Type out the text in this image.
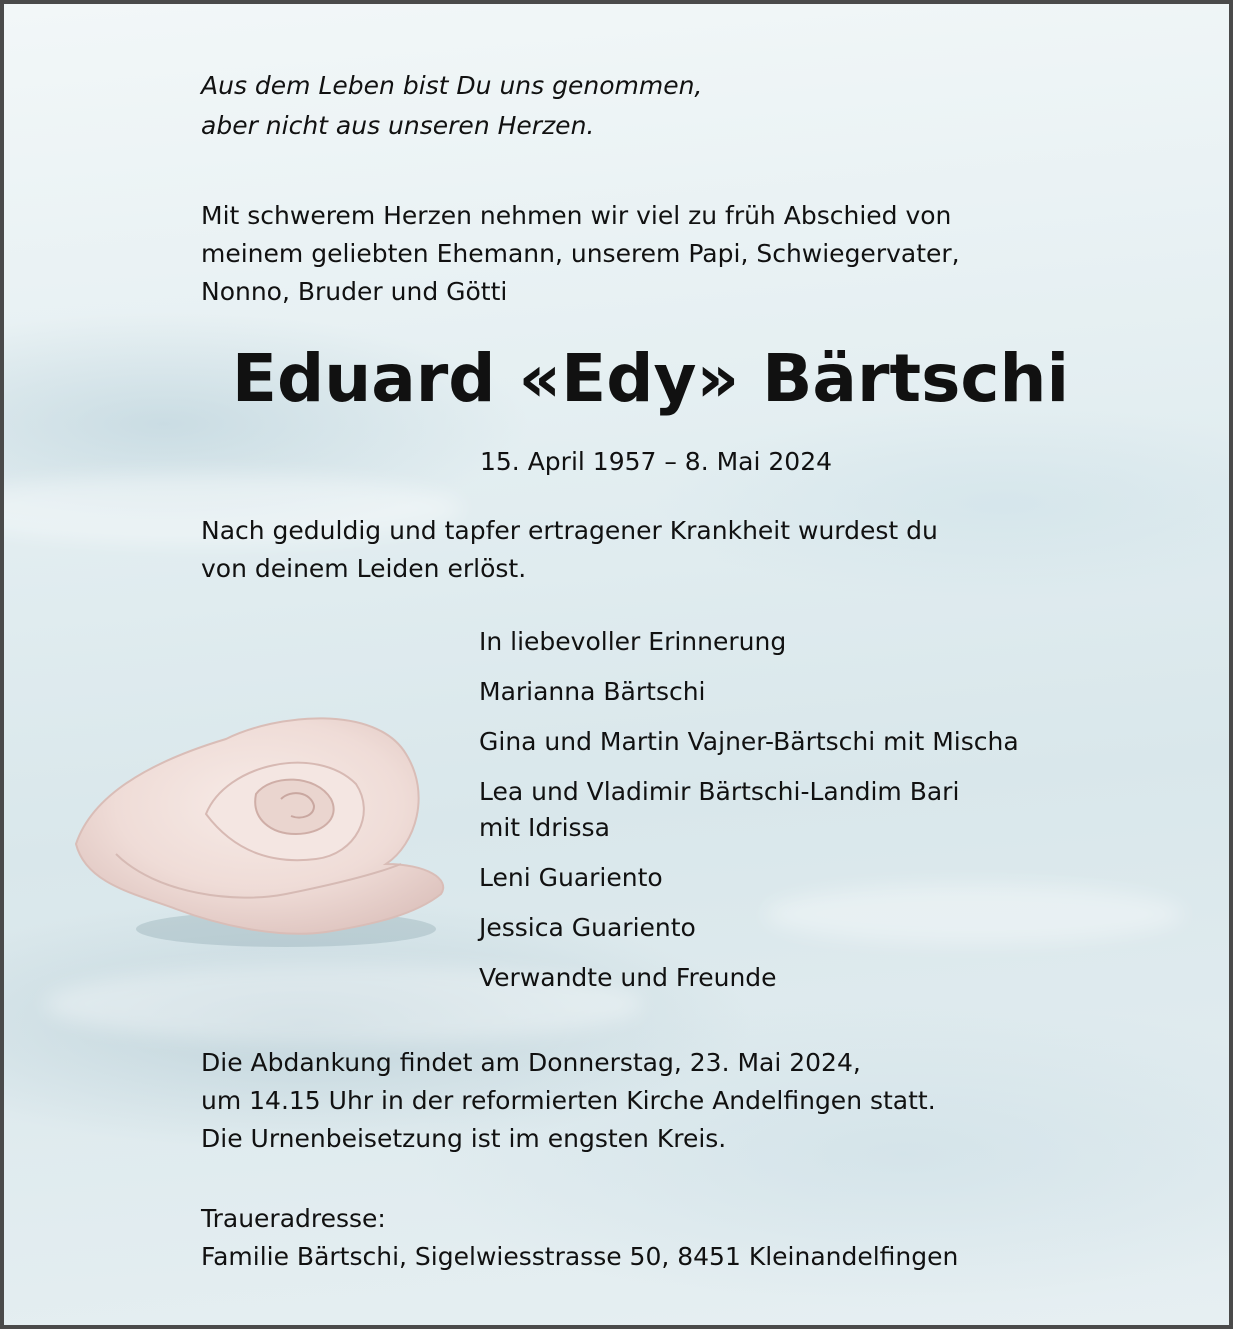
Aus dem Leben bist Du uns genommen,
aber nicht aus unseren Herzen.

Mit schwerem Herzen nehmen wir viel zu früh Abschied von
meinem geliebten Ehemann, unserem Papi, Schwiegervater,
Nonno, Bruder und Götti

Eduard «Edy» Bärtschi

15. April 1957 – 8. Mai 2024

Nach geduldig und tapfer ertragener Krankheit wurdest du
von deinem Leiden erlöst.

In liebevoller Erinnerung
Marianna Bärtschi
Gina und Martin Vajner-Bärtschi mit Mischa
Lea und Vladimir Bärtschi-Landim Bari
mit Idrissa
Leni Guariento
Jessica Guariento
Verwandte und Freunde

Die Abdankung findet am Donnerstag, 23. Mai 2024,
um 14.15 Uhr in der reformierten Kirche Andelfingen statt.
Die Urnenbeisetzung ist im engsten Kreis.

Traueradresse:
Familie Bärtschi, Sigelwiesstrasse 50, 8451 Kleinandelfingen
